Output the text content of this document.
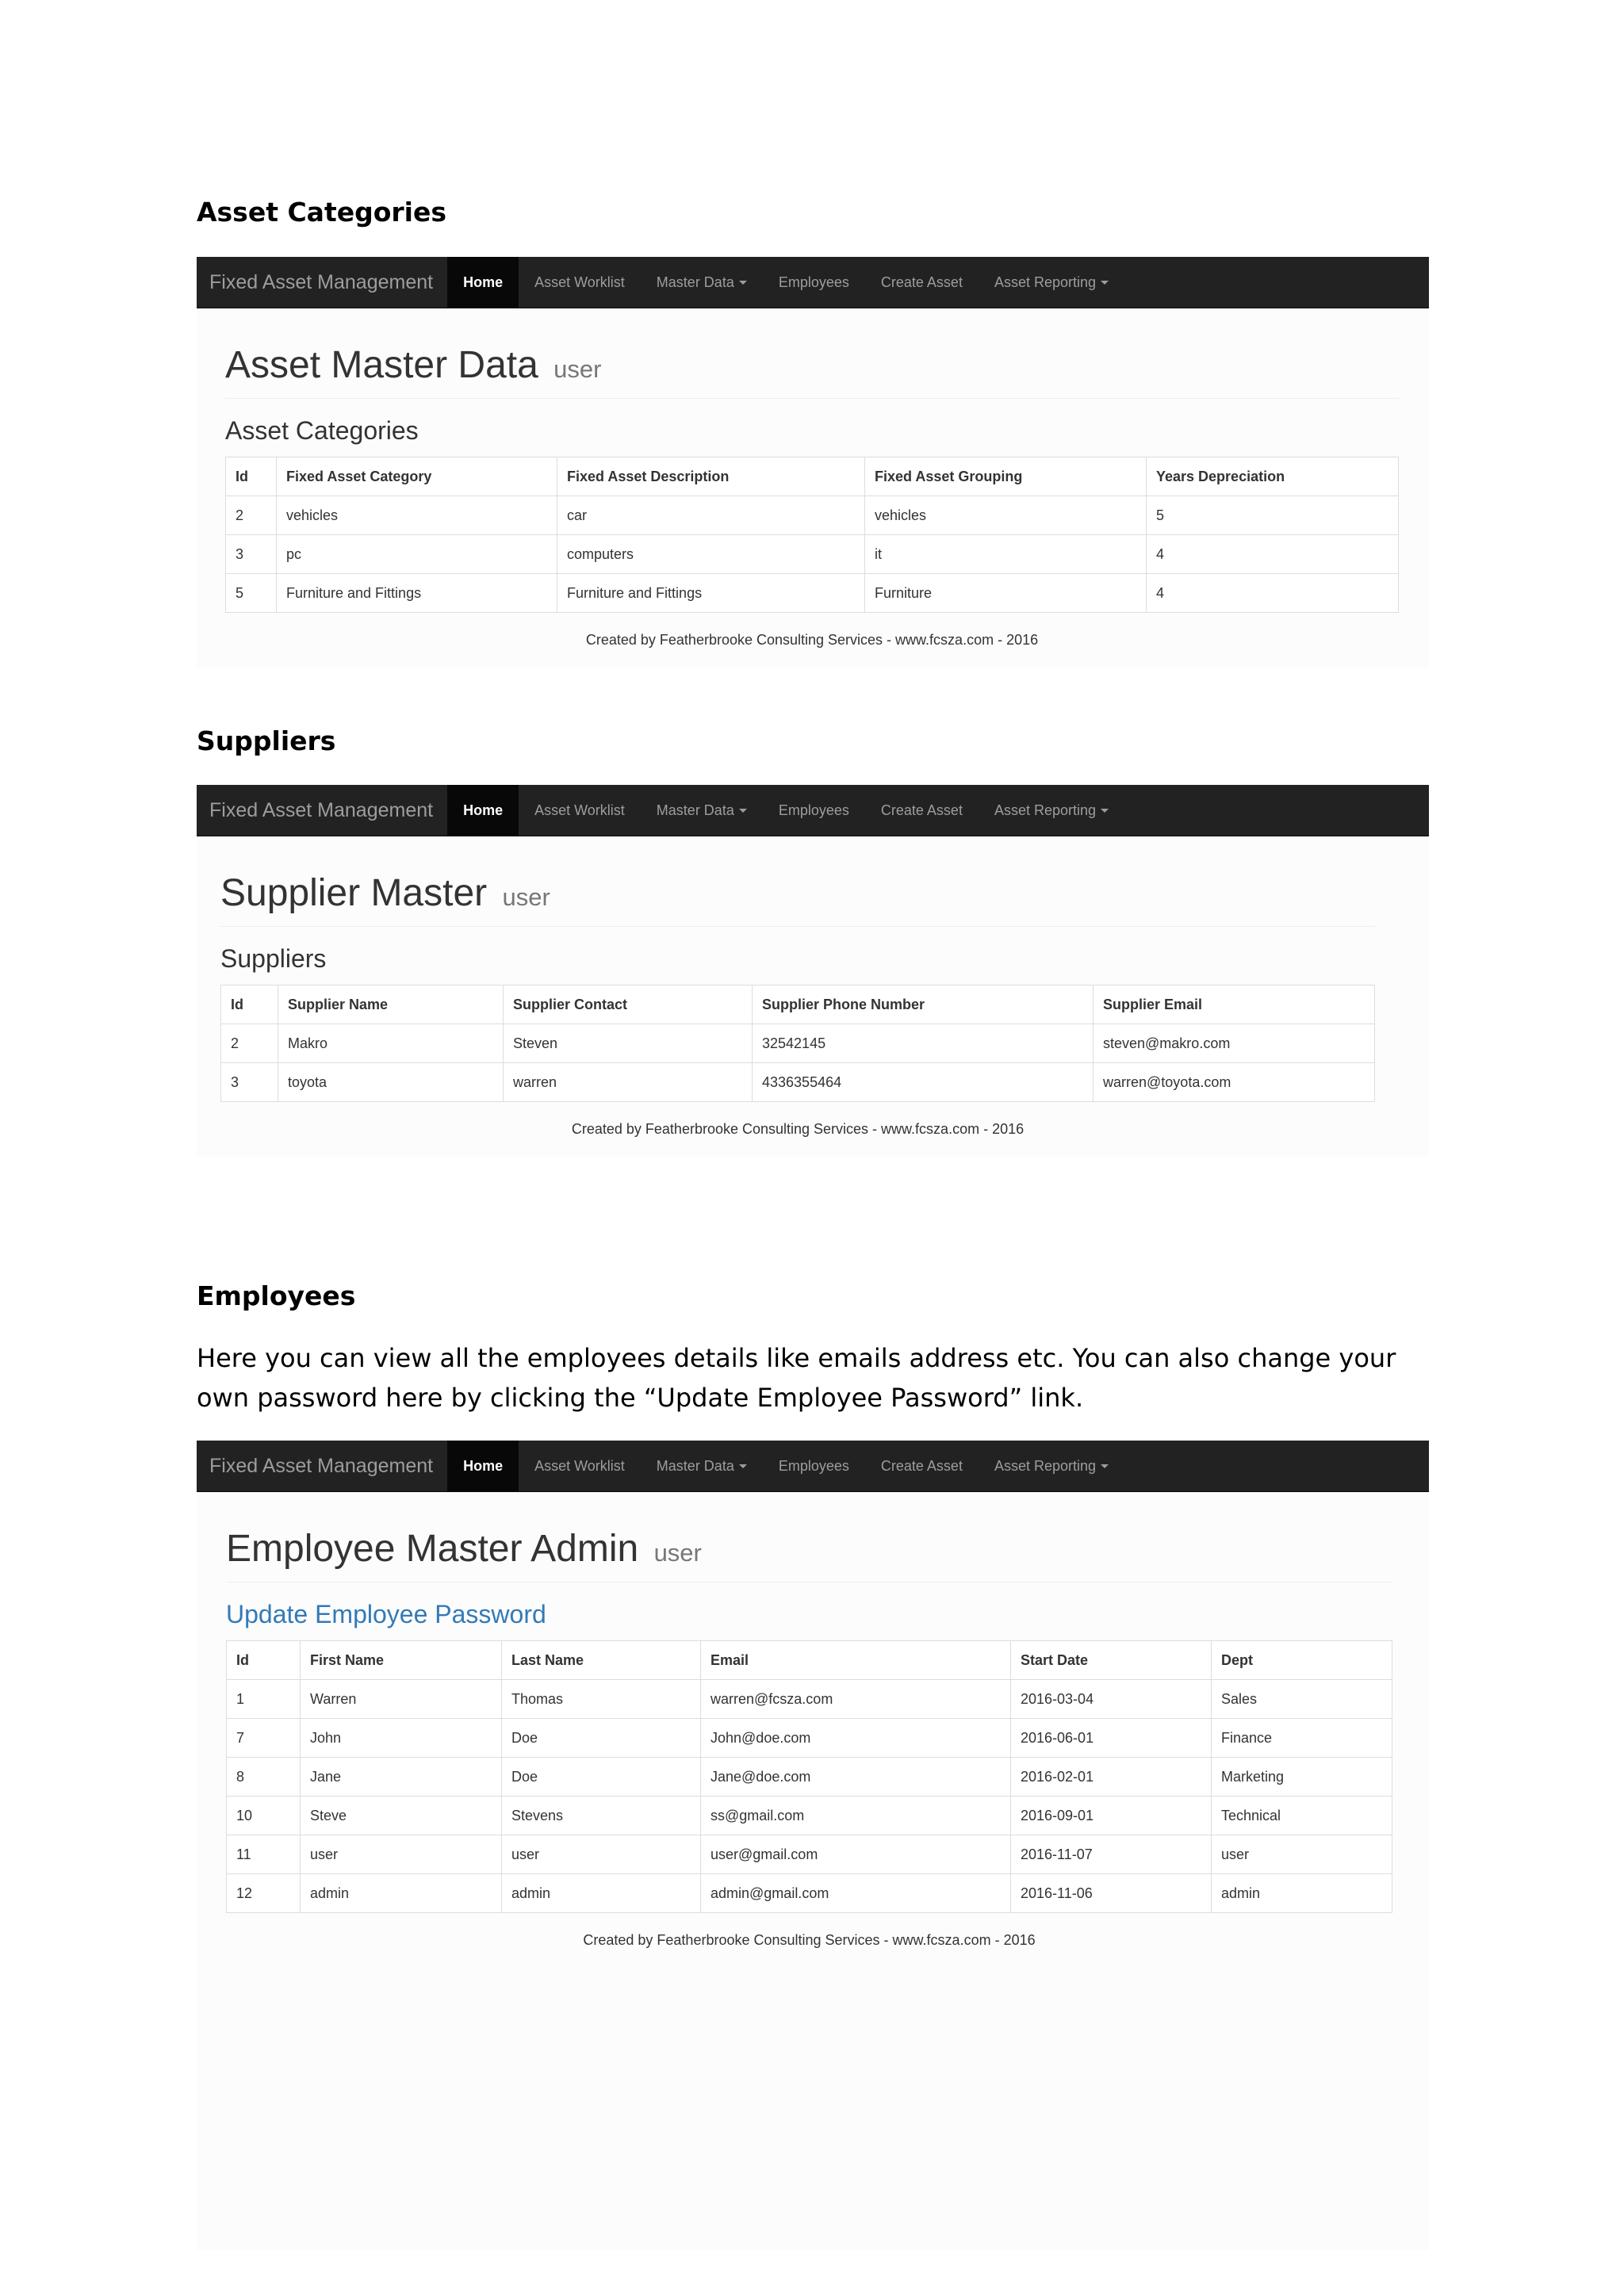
Asset Categories
Fixed Asset Management	Home	Asset Worklist	Master Data	Employees	Create Asset	Asset Reporting
Asset Master Data user
Asset Categories
Id	Fixed Asset Category	Fixed Asset Description	Fixed Asset Grouping	Years Depreciation
2	vehicles	car	vehicles	5
3	pc	computers	it	4
5	Furniture and Fittings	Furniture and Fittings	Furniture	4
Created by Featherbrooke Consulting Services - www.fcsza.com - 2016
Suppliers
Fixed Asset Management	Home	Asset Worklist	Master Data	Employees	Create Asset	Asset Reporting
Supplier Master user
Suppliers
Id	Supplier Name	Supplier Contact	Supplier Phone Number	Supplier Email
2	Makro	Steven	32542145	steven@makro.com
3	toyota	warren	4336355464	warren@toyota.com
Created by Featherbrooke Consulting Services - www.fcsza.com - 2016
Employees

Here you can view all the employees details like emails address etc. You can also change your own password here by clicking the “Update Employee Password” link.

Fixed Asset Management	Home	Asset Worklist	Master Data	Employees	Create Asset	Asset Reporting
Employee Master Admin user
Update Employee Password
Id	First Name	Last Name	Email	Start Date	Dept
1	Warren	Thomas	warren@fcsza.com	2016-03-04	Sales
7	John	Doe	John@doe.com	2016-06-01	Finance
8	Jane	Doe	Jane@doe.com	2016-02-01	Marketing
10	Steve	Stevens	ss@gmail.com	2016-09-01	Technical
11	user	user	user@gmail.com	2016-11-07	user
12	admin	admin	admin@gmail.com	2016-11-06	admin
Created by Featherbrooke Consulting Services - www.fcsza.com - 2016
